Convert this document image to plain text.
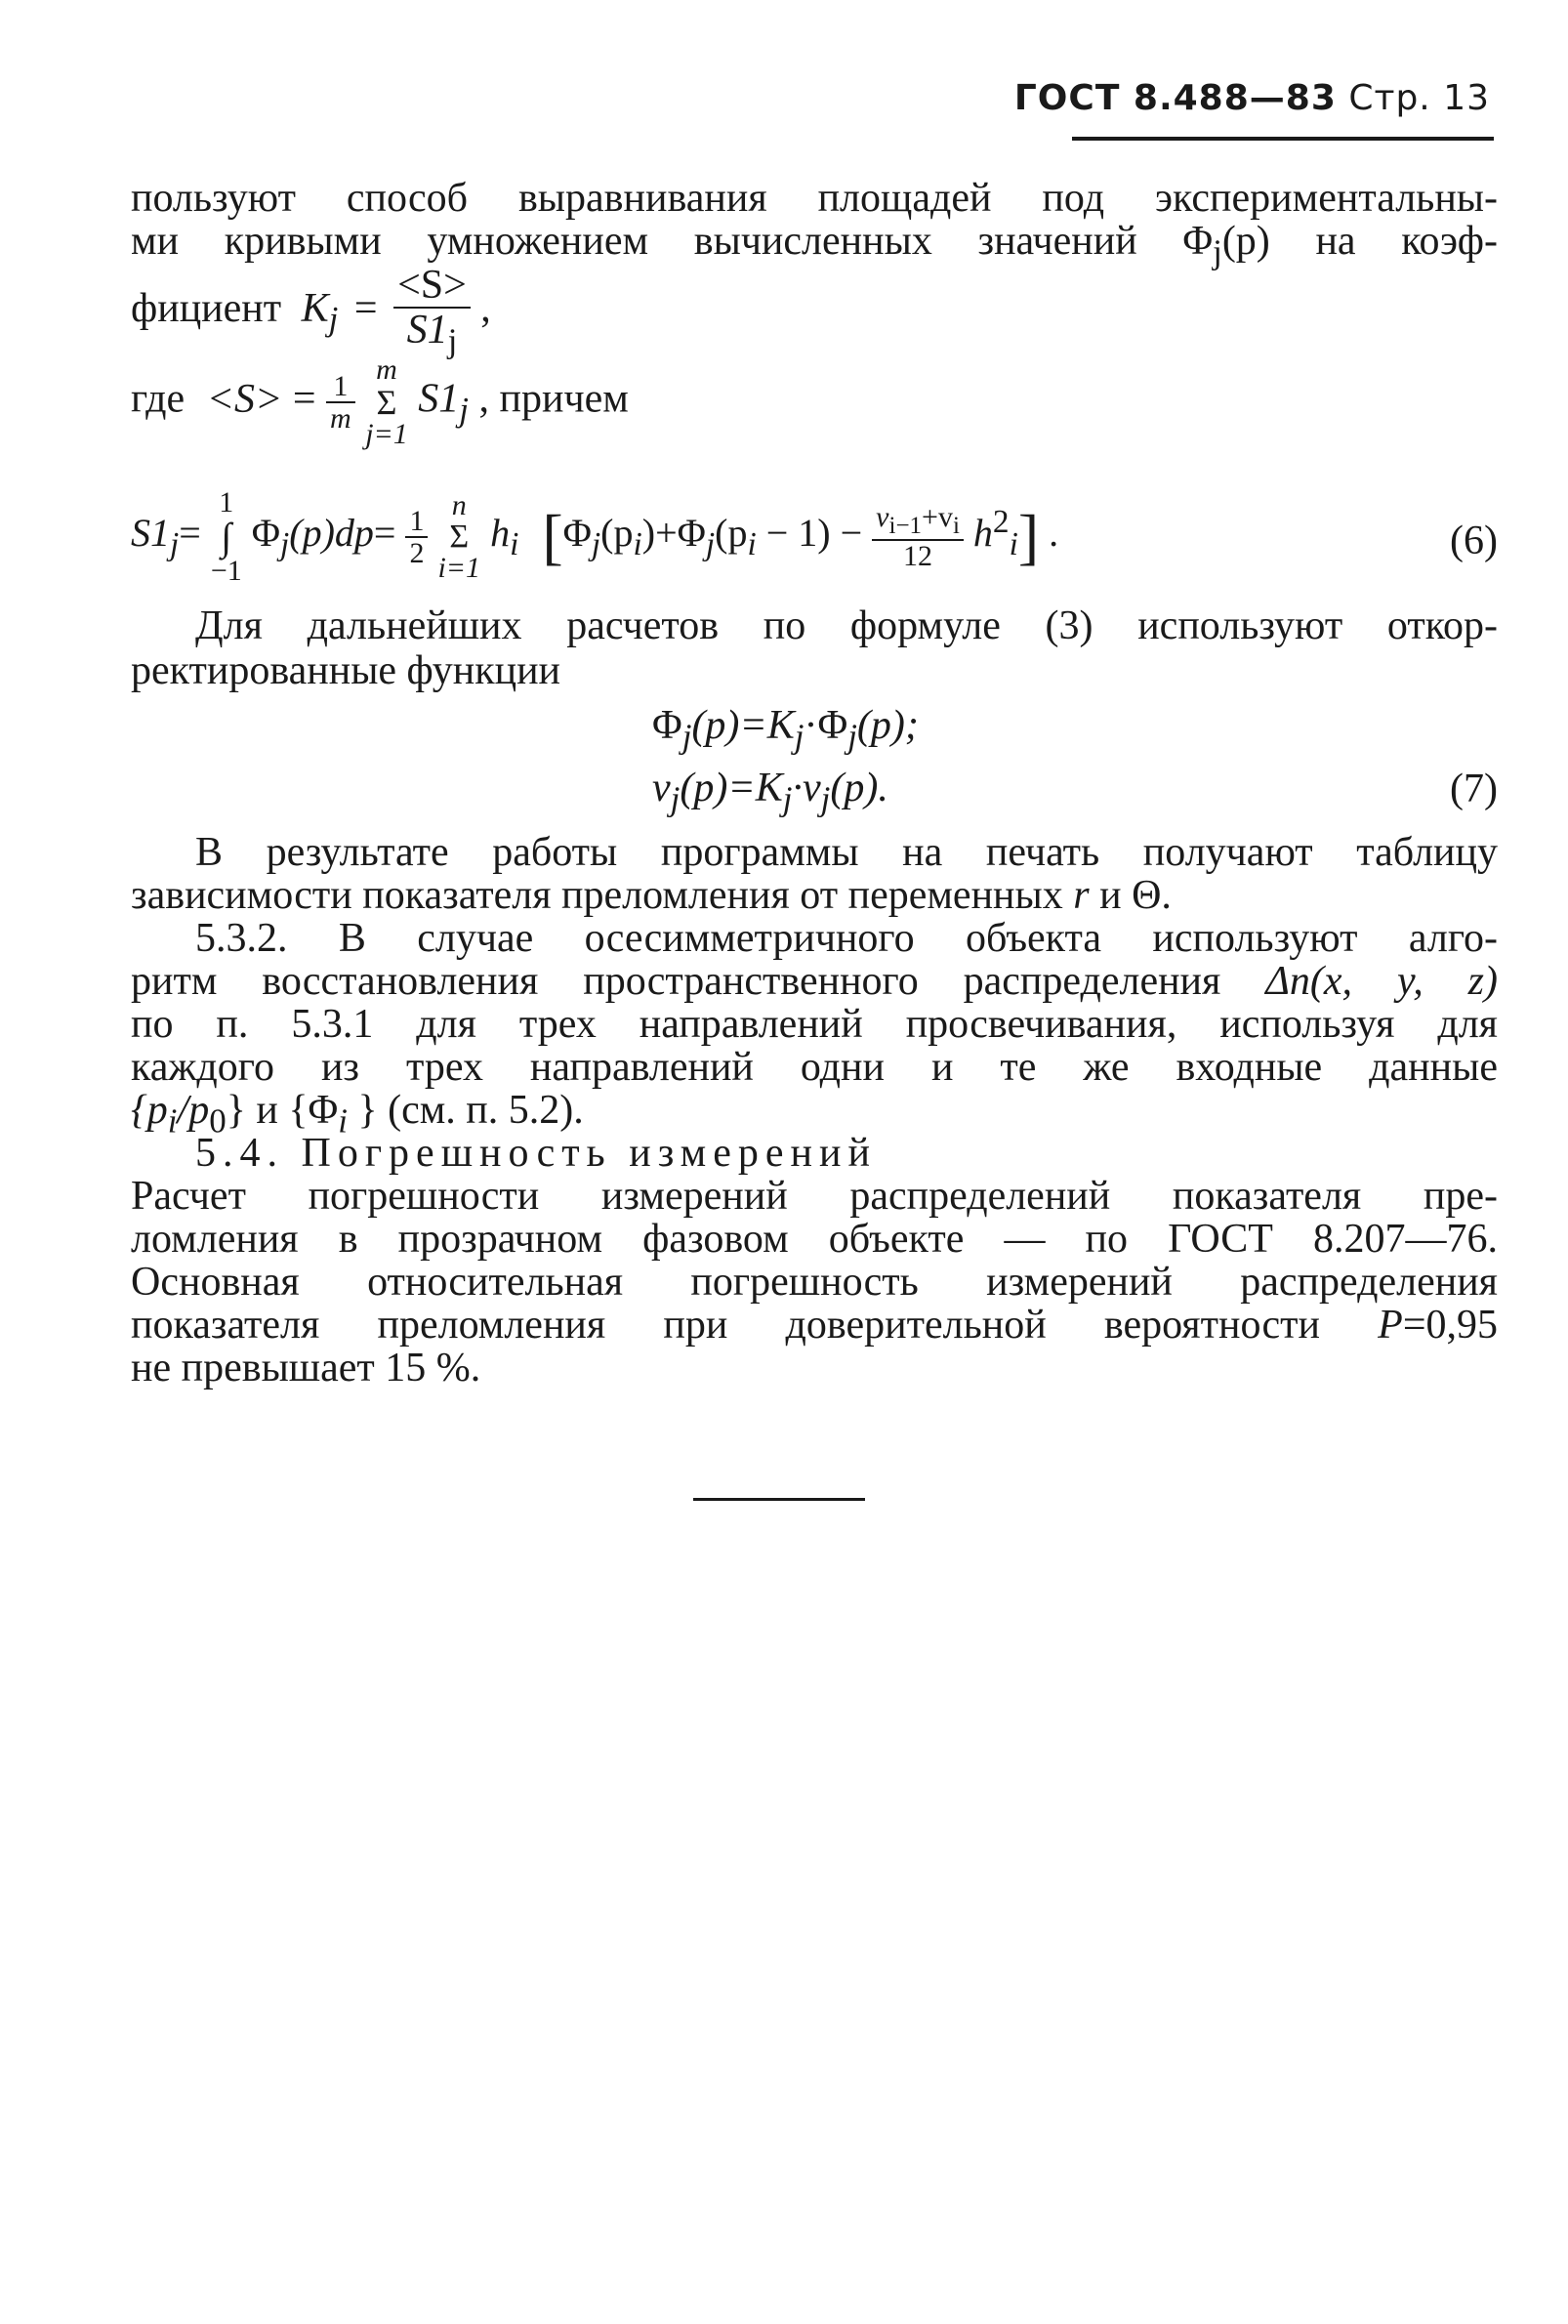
ГОСТ 8.488—83 Стр. 13
пользуют способ выравнивания площадей под экспериментальны-
ми кривыми умножением вычисленных значений $\Phi_j(p)$ на коэф-
фициент $K_j = \frac{<S>}{S1_j}$ ,
где $<S> = \frac{1}{m}$
m
Σ
j=1 $S1_j$ , причем
$S1_j=$
1
∫
−1
$\Phi_j(p)dp= \frac{1}{2}$ n
Σ
i=1 $h_i$ $[\Phi_j(p_i)+\Phi_j(p_i - 1) - \frac{v_{i-1}+v_i}{12} h^2_i]$ .	(6)
Для дальнейших расчетов по формуле (3) используют откор-
ректированные функции
$\Phi_j(p)=K_j\cdot\Phi_j(p)$;
$v_j(p)=K_j\cdot v_j(p)$.	(7)
В результате работы программы на печать получают таблицу
зависимости показателя преломления от переменных r и Θ.
5.3.2. В случае осесимметричного объекта используют алго-
ритм восстановления пространственного распределения Δn(x, y, z)
по п. 5.3.1 для трех направлений просвечивания, используя для
каждого из трех направлений одни и те же входные данные
$\{p_i/p_0\}$ и {$\Phi_i$ } (см. п. 5.2).
5.4. Погрешность измерений
Расчет погрешности измерений распределений показателя пре-
ломления в прозрачном фазовом объекте — по ГОСТ 8.207—76.
Основная относительная погрешность измерений распределения
показателя преломления при доверительной вероятности P=0,95
не превышает 15 %.
